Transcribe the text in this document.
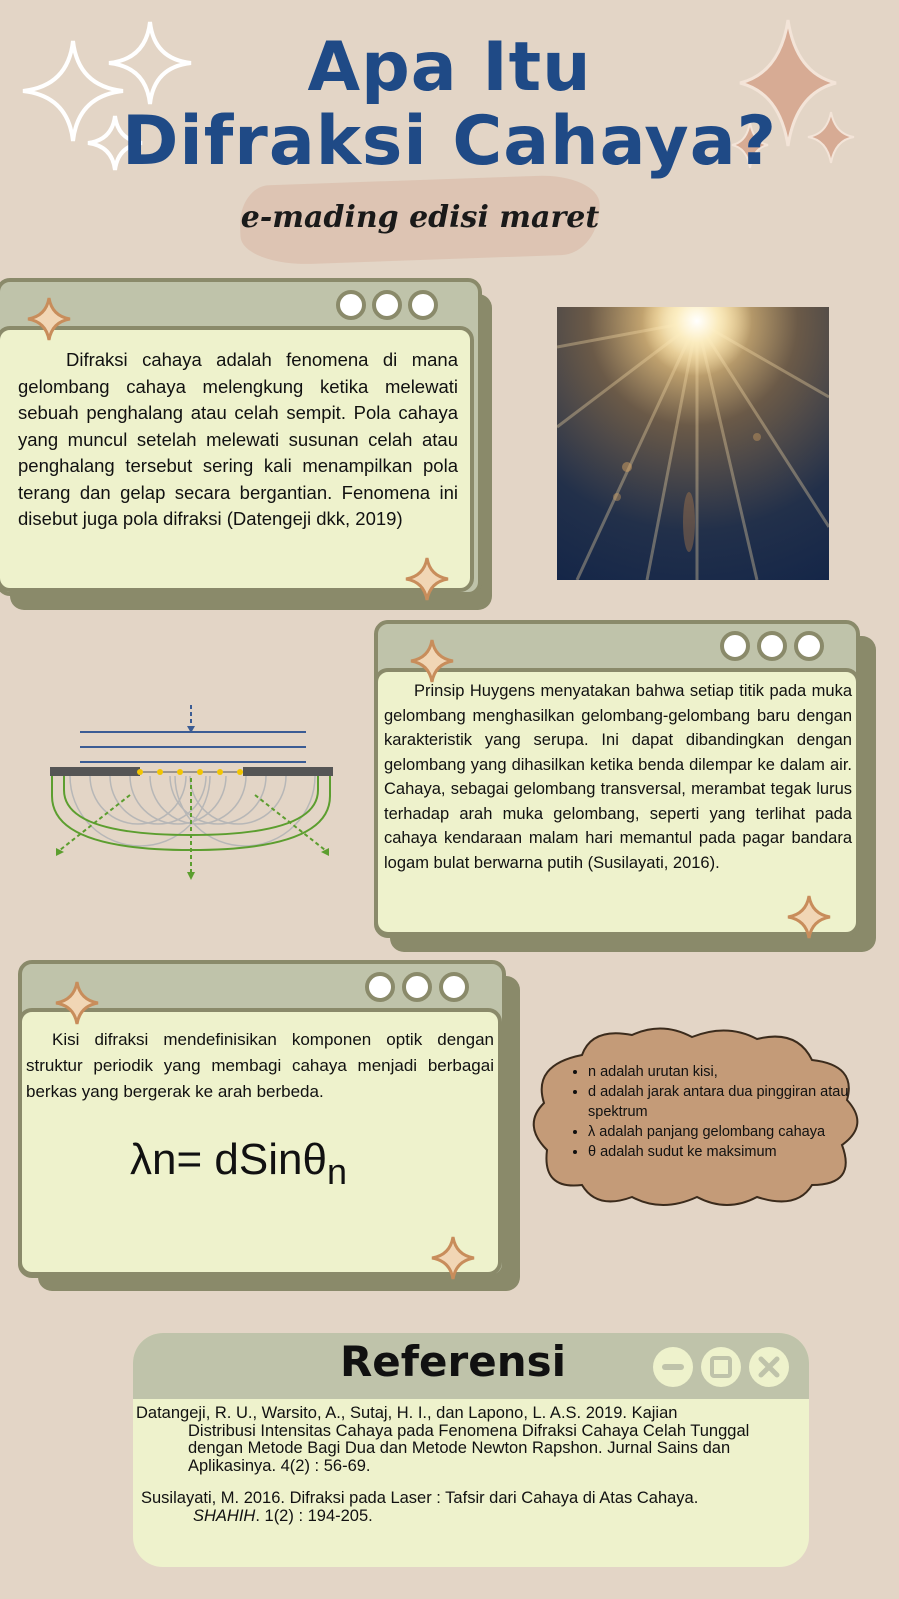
Apa Itu
Difraksi Cahaya?
e-mading edisi maret
Difraksi cahaya adalah fenomena di mana gelombang cahaya melengkung ketika melewati sebuah penghalang atau celah sempit. Pola cahaya yang muncul setelah melewati susunan celah atau penghalang tersebut sering kali menampilkan pola terang dan gelap secara bergantian. Fenomena ini disebut juga pola difraksi (Datengeji dkk, 2019)
Prinsip Huygens menyatakan bahwa setiap titik pada muka gelombang menghasilkan gelombang-gelombang baru dengan karakteristik yang serupa. Ini dapat dibandingkan dengan gelombang yang dihasilkan ketika benda dilempar ke dalam air. Cahaya, sebagai gelombang transversal, merambat tegak lurus terhadap arah muka gelombang, seperti yang terlihat pada cahaya kendaraan malam hari memantul pada pagar bandara logam bulat berwarna putih (Susilayati, 2016).
Kisi difraksi mendefinisikan komponen optik dengan struktur periodik yang membagi cahaya menjadi berbagai berkas yang bergerak ke arah berbeda.
λn= dSinθ$_n$
• n adalah urutan kisi,
• d adalah jarak antara dua pinggiran atau spektrum
• λ adalah panjang gelombang cahaya
• θ adalah sudut ke maksimum
Referensi
Datangeji, R. U., Warsito, A., Sutaj, H. I., dan Lapono, L. A.S. 2019. Kajian
Distribusi Intensitas Cahaya pada Fenomena Difraksi Cahaya Celah Tunggal dengan Metode Bagi Dua dan Metode Newton Rapshon. Jurnal Sains dan Aplikasinya. 4(2) : 56-69.
Susilayati, M. 2016. Difraksi pada Laser : Tafsir dari Cahaya di Atas Cahaya.
SHAHIH. 1(2) : 194-205.
